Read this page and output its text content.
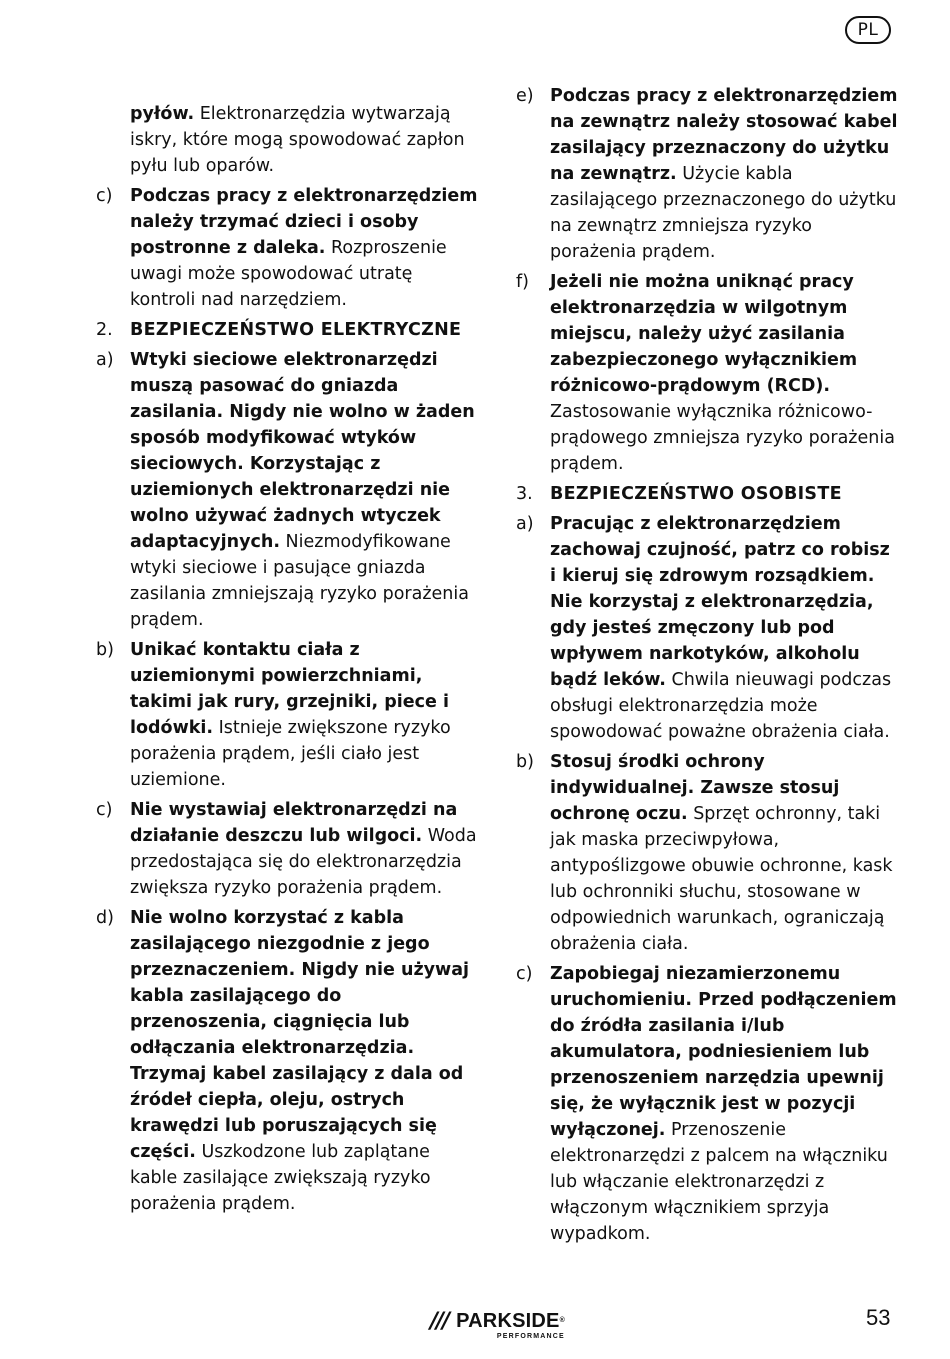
PL

pyłów. Elektronarzędzia wytwarzają iskry, które mogą spowodować zapłon pyłu lub oparów.

c)	Podczas pracy z elektronarzędziem należy trzymać dzieci i osoby postronne z daleka. Rozproszenie uwagi może spowodować utratę kontroli nad narzędziem.

2. BEZPIECZEŃSTWO ELEKTRYCZNE

a) Wtyki sieciowe elektronarzędzi muszą pasować do gniazda zasilania. Nigdy nie wolno w żaden sposób modyfikować wtyków sieciowych. Korzystając z uziemionych elektronarzędzi nie wolno używać żadnych wtyczek adaptacyjnych. Niezmodyfikowane wtyki sieciowe i pasujące gniazda zasilania zmniejszają ryzyko porażenia prądem.

b) Unikać kontaktu ciała z uziemionymi powierzchniami, takimi jak rury, grzejniki, piece i lodówki. Istnieje zwiększone ryzyko porażenia prądem, jeśli ciało jest uziemione.

c)	Nie wystawiaj elektronarzędzi na działanie deszczu lub wilgoci. Woda przedostająca się do elektronarzędzia zwiększa ryzyko porażenia prądem.

d) Nie wolno korzystać z kabla zasilającego niezgodnie z jego przeznaczeniem. Nigdy nie używaj kabla zasilającego do przenoszenia, ciągnięcia lub odłączania elektronarzędzia. Trzymaj kabel zasilający z dala od źródeł ciepła, oleju, ostrych krawędzi lub poruszających się części. Uszkodzone lub zaplątane kable zasilające zwiększają ryzyko porażenia prądem.

e) Podczas pracy z elektronarzędziem na zewnątrz należy stosować kabel zasilający przeznaczony do użytku na zewnątrz. Użycie kabla zasilającego przeznaczonego do użytku na zewnątrz zmniejsza ryzyko porażenia prądem.

f)	Jeżeli nie można uniknąć pracy elektronarzędzia w wilgotnym miejscu, należy użyć zasilania zabezpieczonego wyłącznikiem różnicowo-prądowym (RCD). Zastosowanie wyłącznika różnicowo-prądowego zmniejsza ryzyko porażenia prądem.

3. BEZPIECZEŃSTWO OSOBISTE

a) Pracując z elektronarzędziem zachowaj czujność, patrz co robisz i kieruj się zdrowym rozsądkiem. Nie korzystaj z elektronarzędzia, gdy jesteś zmęczony lub pod wpływem narkotyków, alkoholu bądź leków. Chwila nieuwagi podczas obsługi elektronarzędzia może spowodować poważne obrażenia ciała.

b) Stosuj środki ochrony indywidualnej. Zawsze stosuj ochronę oczu. Sprzęt ochronny, taki jak maska przeciwpyłowa, antypoślizgowe obuwie ochronne, kask lub ochronniki słuchu, stosowane w odpowiednich warunkach, ograniczają obrażenia ciała.

c)	Zapobiegaj niezamierzonemu uruchomieniu. Przed podłączeniem do źródła zasilania i/lub akumulatora, podniesieniem lub przenoszeniem narzędzia upewnij się, że wyłącznik jest w pozycji wyłączonej. Przenoszenie elektronarzędzi z palcem na włączniku lub włączanie elektronarzędzi z włączonym włącznikiem sprzyja wypadkom.

/// PARKSIDE®
PERFORMANCE
53
